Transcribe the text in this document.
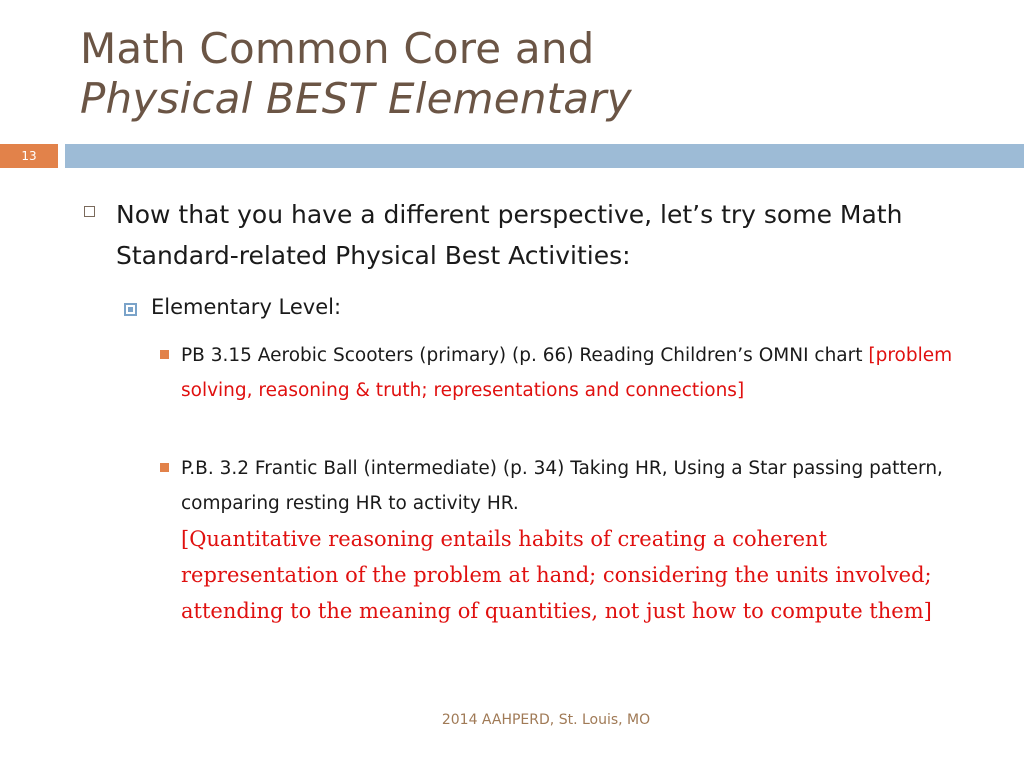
Math Common Core and
Physical BEST Elementary
13
Now that you have a different perspective, let’s try some Math Standard-related Physical Best Activities:
Elementary Level:
PB 3.15 Aerobic Scooters (primary) (p. 66) Reading Children’s OMNI chart [problem solving, reasoning & truth; representations and connections]
P.B. 3.2 Frantic Ball (intermediate) (p. 34) Taking HR, Using a Star passing pattern, comparing resting HR to activity HR.
[Quantitative reasoning entails habits of creating a coherent representation of the problem at hand; considering the units involved; attending to the meaning of quantities, not just how to compute them]
2014 AAHPERD, St. Louis, MO
